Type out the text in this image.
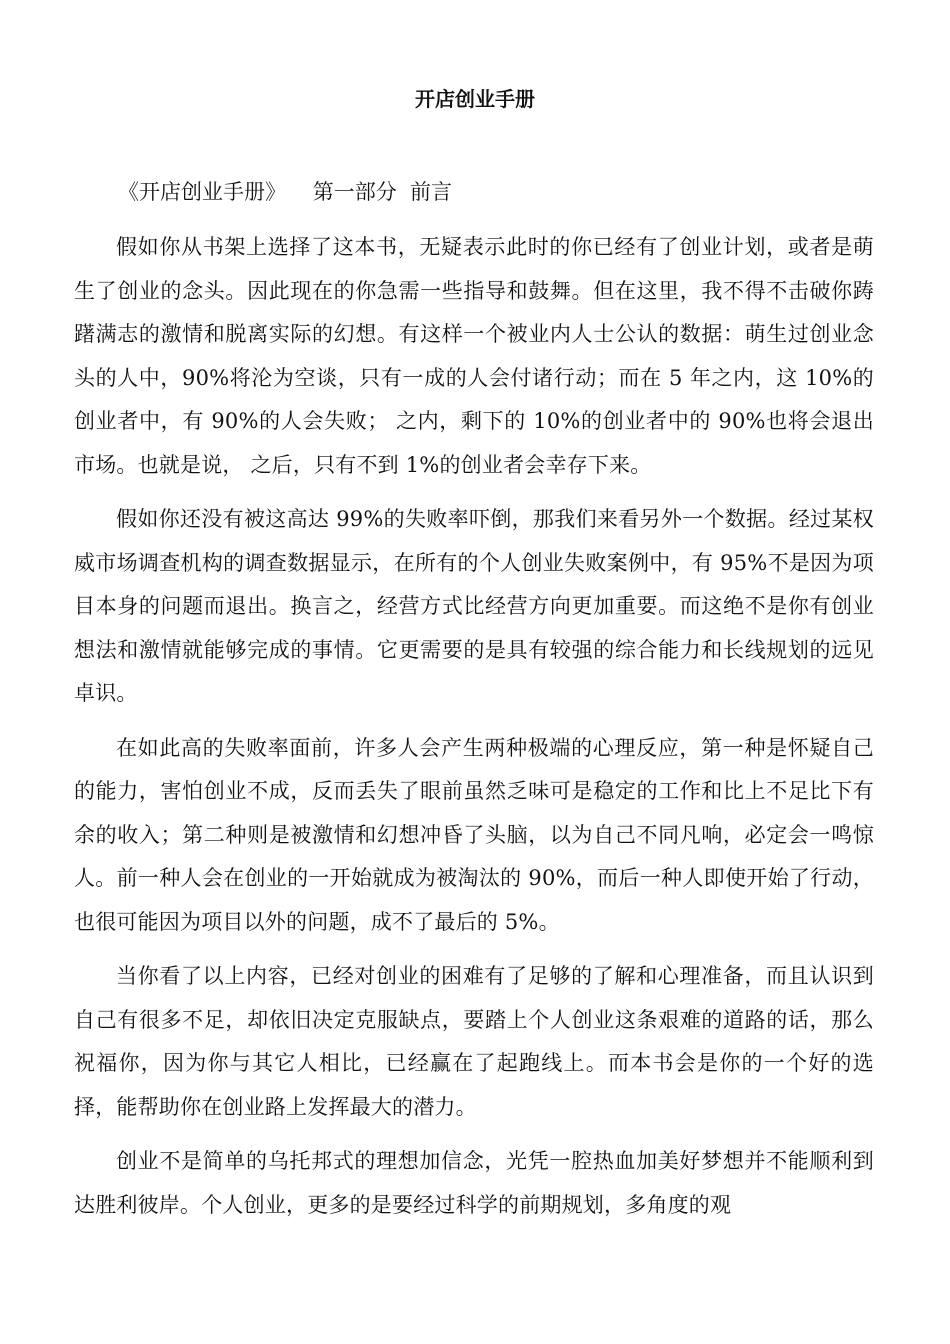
开店创业手册

《开店创业手册》    第一部分  前言

假如你从书架上选择了这本书，无疑表示此时的你已经有了创业计划，或者是萌生了创业的念头。因此现在的你急需一些指导和鼓舞。但在这里，我不得不击破你踌躇满志的激情和脱离实际的幻想。有这样一个被业内人士公认的数据：萌生过创业念头的人中，90%将沦为空谈，只有一成的人会付诸行动；而在 5 年之内，这 10%的创业者中，有 90%的人会失败； 之内，剩下的 10%的创业者中的 90%也将会退出市场。也就是说， 之后，只有不到 1%的创业者会幸存下来。

假如你还没有被这高达 99%的失败率吓倒，那我们来看另外一个数据。经过某权威市场调查机构的调查数据显示，在所有的个人创业失败案例中，有 95%不是因为项目本身的问题而退出。换言之，经营方式比经营方向更加重要。而这绝不是你有创业想法和激情就能够完成的事情。它更需要的是具有较强的综合能力和长线规划的远见卓识。

在如此高的失败率面前，许多人会产生两种极端的心理反应，第一种是怀疑自己的能力，害怕创业不成，反而丢失了眼前虽然乏味可是稳定的工作和比上不足比下有余的收入；第二种则是被激情和幻想冲昏了头脑，以为自己不同凡响，必定会一鸣惊人。前一种人会在创业的一开始就成为被淘汰的 90%，而后一种人即使开始了行动，也很可能因为项目以外的问题，成不了最后的 5%。

当你看了以上内容，已经对创业的困难有了足够的了解和心理准备，而且认识到自己有很多不足，却依旧决定克服缺点，要踏上个人创业这条艰难的道路的话，那么祝福你，因为你与其它人相比，已经赢在了起跑线上。而本书会是你的一个好的选择，能帮助你在创业路上发挥最大的潜力。

创业不是简单的乌托邦式的理想加信念，光凭一腔热血加美好梦想并不能顺利到达胜利彼岸。个人创业，更多的是要经过科学的前期规划，多角度的观
